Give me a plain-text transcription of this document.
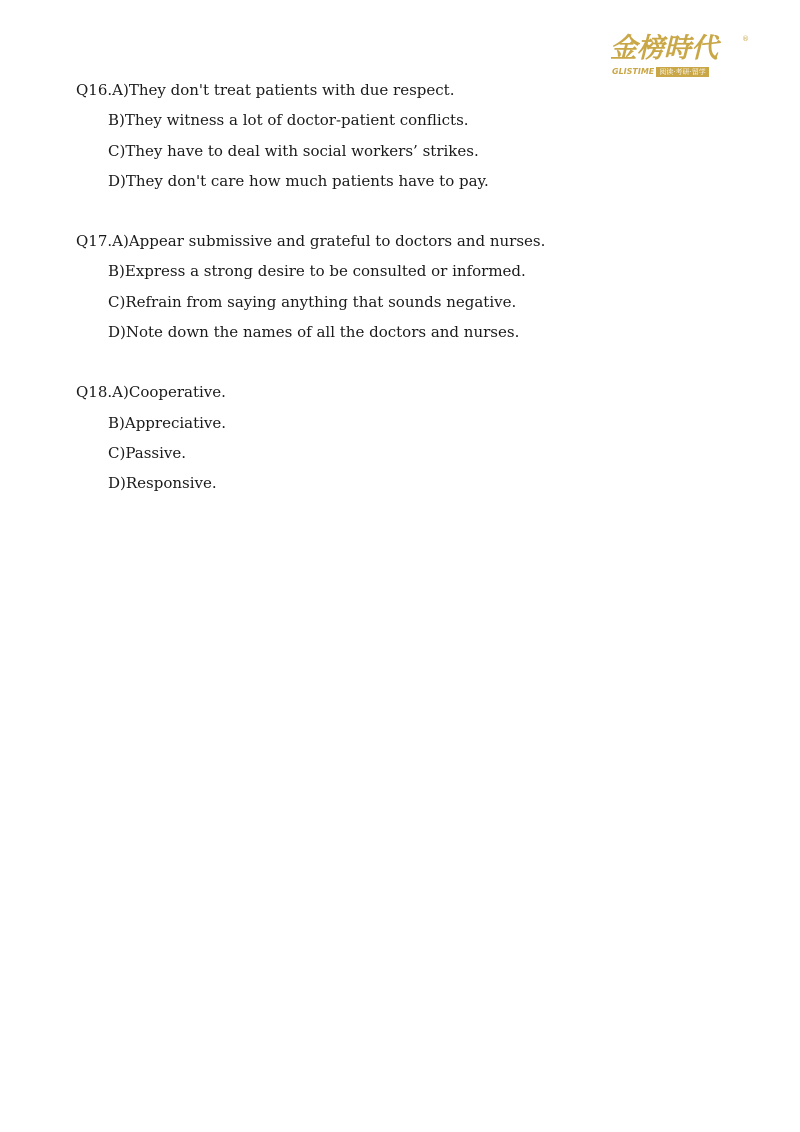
金榜時代	®
GLISTIME 阅读·考研·留学
Q16.A)They don't treat patients with due respect.
B)They witness a lot of doctor-patient conflicts.
C)They have to deal with social workers’ strikes.
D)They don't care how much patients have to pay.
Q17.A)Appear submissive and grateful to doctors and nurses.
B)Express a strong desire to be consulted or informed.
C)Refrain from saying anything that sounds negative.
D)Note down the names of all the doctors and nurses.
Q18.A)Cooperative.
B)Appreciative.
C)Passive.
D)Responsive.
